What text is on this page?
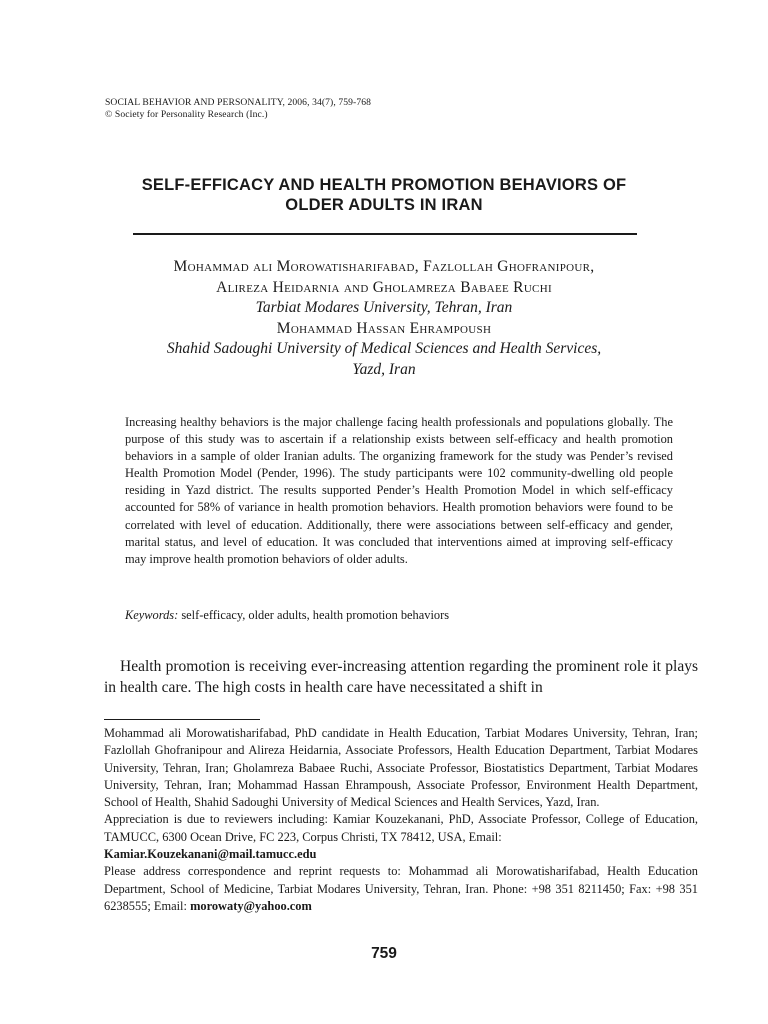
SOCIAL BEHAVIOR AND PERSONALITY, 2006, 34(7), 759-768
© Society for Personality Research (Inc.)
SELF-EFFICACY AND HEALTH PROMOTION BEHAVIORS OF
OLDER ADULTS IN IRAN
Mohammad ali Morowatisharifabad, Fazlollah Ghofranipour,
Alireza Heidarnia and Gholamreza Babaee Ruchi
Tarbiat Modares University, Tehran, Iran
Mohammad Hassan Ehrampoush
Shahid Sadoughi University of Medical Sciences and Health Services,
Yazd, Iran
Increasing healthy behaviors is the major challenge facing health professionals and populations globally. The purpose of this study was to ascertain if a relationship exists between self-efficacy and health promotion behaviors in a sample of older Iranian adults. The organizing framework for the study was Pender’s revised Health Promotion Model (Pender, 1996). The study participants were 102 community-dwelling old people residing in Yazd district. The results supported Pender’s Health Promotion Model in which self-efficacy accounted for 58% of variance in health promotion behaviors. Health promotion behaviors were found to be correlated with level of education. Additionally, there were associations between self-efficacy and gender, marital status, and level of education. It was concluded that interventions aimed at improving self-efficacy may improve health promotion behaviors of older adults.
Keywords: self-efficacy, older adults, health promotion behaviors
Health promotion is receiving ever-increasing attention regarding the prominent role it plays in health care. The high costs in health care have necessitated a shift in

Mohammad ali Morowatisharifabad, PhD candidate in Health Education, Tarbiat Modares University, Tehran, Iran; Fazlollah Ghofranipour and Alireza Heidarnia, Associate Professors, Health Education Department, Tarbiat Modares University, Tehran, Iran; Gholamreza Babaee Ruchi, Associate Professor, Biostatistics Department, Tarbiat Modares University, Tehran, Iran; Mohammad Hassan Ehrampoush, Associate Professor, Environment Health Department, School of Health, Shahid Sadoughi University of Medical Sciences and Health Services, Yazd, Iran.

Appreciation is due to reviewers including: Kamiar Kouzekanani, PhD, Associate Professor, College of Education, TAMUCC, 6300 Ocean Drive, FC 223, Corpus Christi, TX 78412, USA, Email:
Kamiar.Kouzekanani@mail.tamucc.edu

Please address correspondence and reprint requests to: Mohammad ali Morowatisharifabad, Health Education Department, School of Medicine, Tarbiat Modares University, Tehran, Iran. Phone: +98 351 8211450; Fax: +98 351 6238555; Email: morowaty@yahoo.com

759
